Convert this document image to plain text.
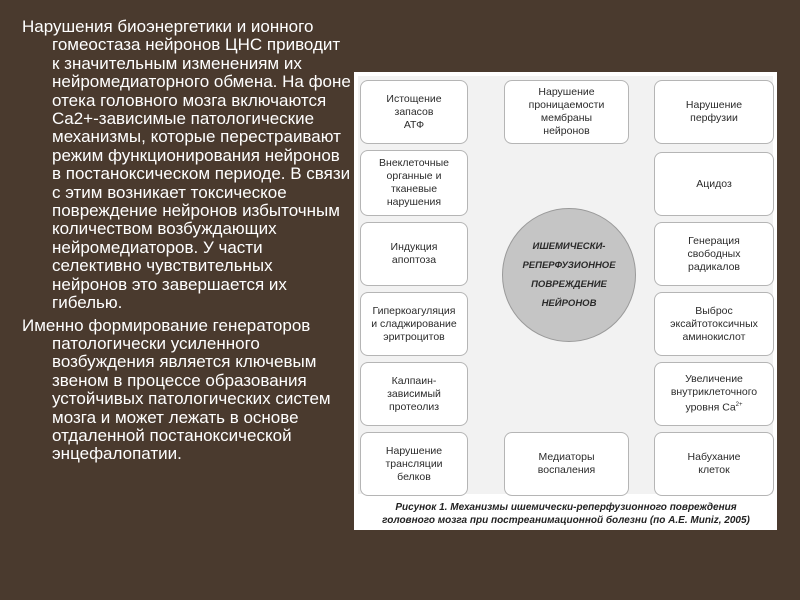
Нарушения биоэнергетики и ионного гомеостаза нейронов ЦНС приводит к значительным изменениям их нейромедиаторного обмена. На фоне отека головного мозга включаются Ca2+-зависимые патологические механизмы, которые перестраивают режим функционирования нейронов в постаноксическом периоде. В связи с этим возникает токсическое повреждение нейронов избыточным количеством возбуждающих нейромедиаторов. У части селективно чувствительных нейронов это завершается их гибелью.

Именно формирование генераторов патологически усиленного возбуждения является ключевым звеном в процессе образования устойчивых патологических систем мозга и может лежать в основе отдаленной постаноксической энцефалопатии.

Истощение
запасов
АТФ
Нарушение
проницаемости
мембраны
нейронов
Нарушение
перфузии
Внеклеточные
органные и
тканевые
нарушения
Ацидоз
Индукция
апоптоза
Генерация
свободных
радикалов
Гиперкоагуляция
и сладжирование
эритроцитов
Выброс
эксайтотоксичных
аминокислот
Калпаин-
зависимый
протеолиз
Увеличение
внутриклеточного
уровня $Ca^{2+}$
Нарушение
трансляции
белков
Медиаторы
воспаления
Набухание
клеток
ИШЕМИЧЕСКИ-
РЕПЕРФУЗИОННОЕ
ПОВРЕЖДЕНИЕ
НЕЙРОНОВ
Рисунок 1. Механизмы ишемически-реперфузионного повреждения
головного мозга при постреанимационной болезни (по A.E. Muniz, 2005)
